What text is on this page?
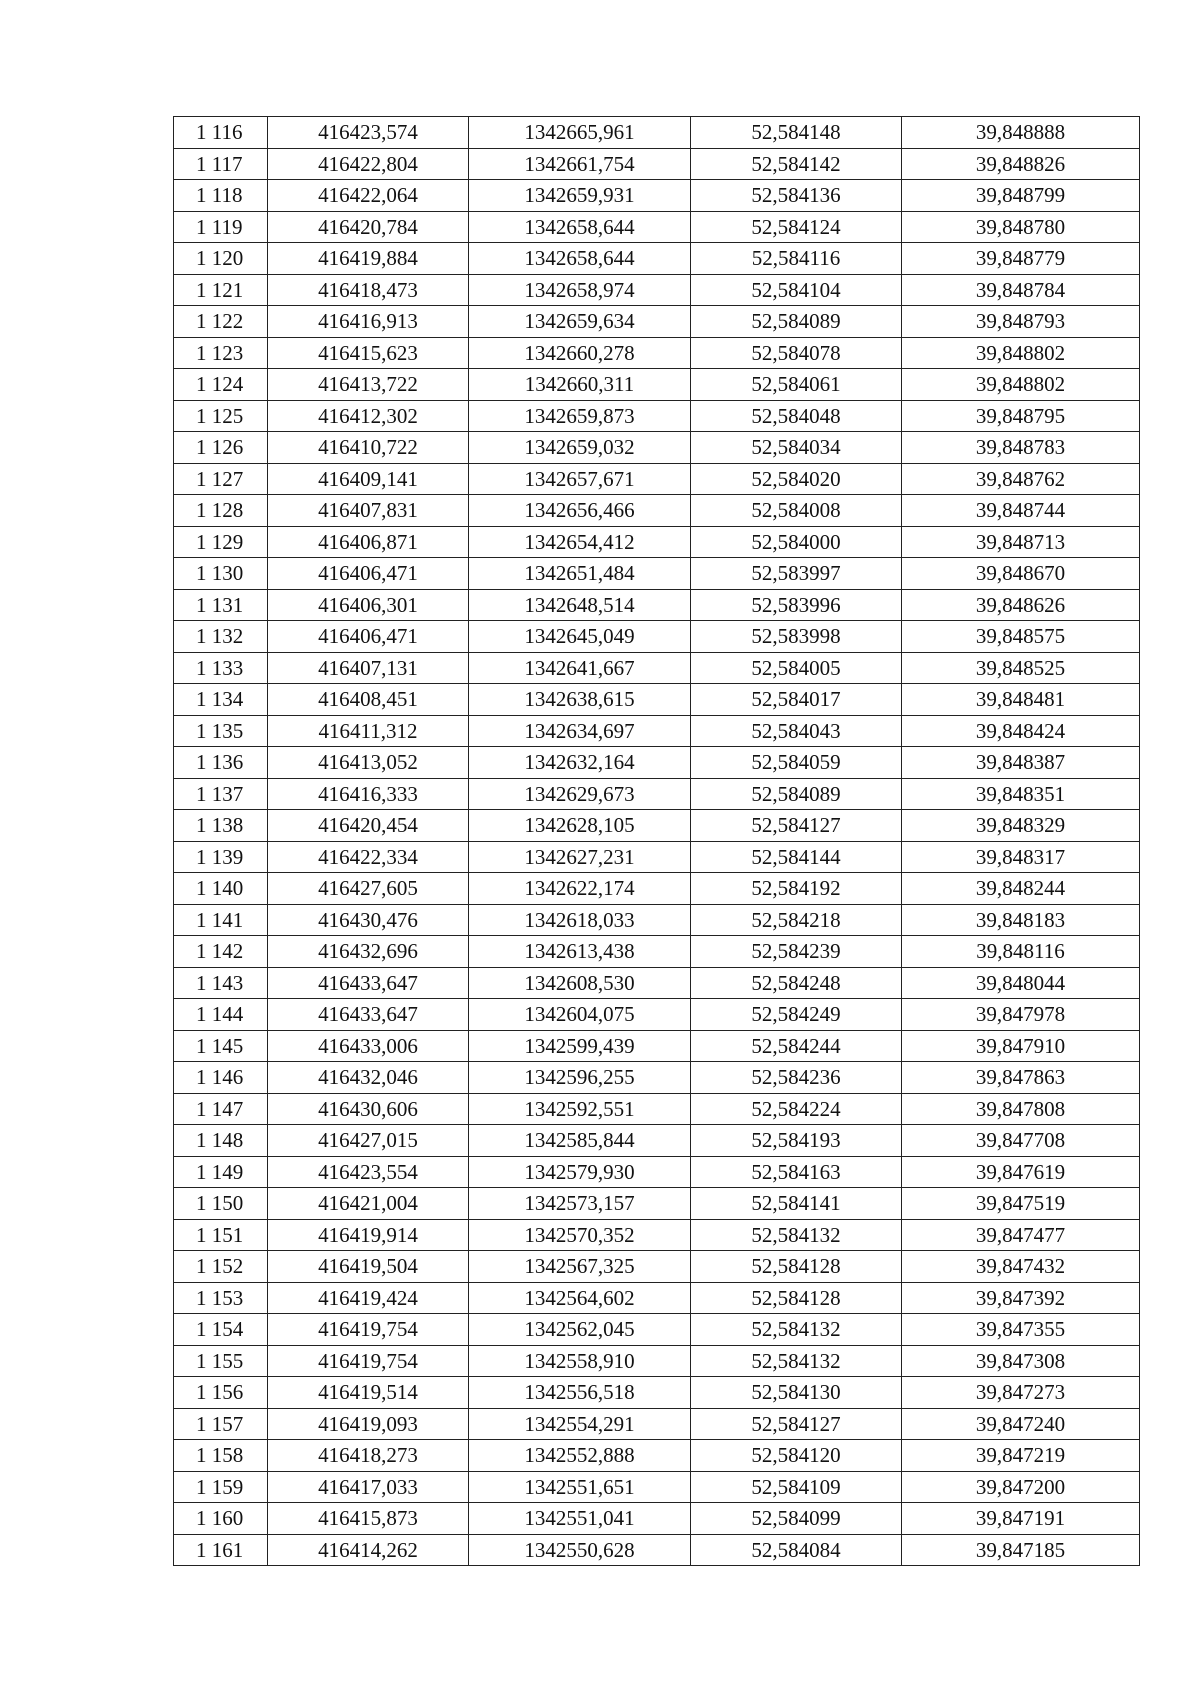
1 116	416423,574	1342665,961	52,584148	39,848888
1 117	416422,804	1342661,754	52,584142	39,848826
1 118	416422,064	1342659,931	52,584136	39,848799
1 119	416420,784	1342658,644	52,584124	39,848780
1 120	416419,884	1342658,644	52,584116	39,848779
1 121	416418,473	1342658,974	52,584104	39,848784
1 122	416416,913	1342659,634	52,584089	39,848793
1 123	416415,623	1342660,278	52,584078	39,848802
1 124	416413,722	1342660,311	52,584061	39,848802
1 125	416412,302	1342659,873	52,584048	39,848795
1 126	416410,722	1342659,032	52,584034	39,848783
1 127	416409,141	1342657,671	52,584020	39,848762
1 128	416407,831	1342656,466	52,584008	39,848744
1 129	416406,871	1342654,412	52,584000	39,848713
1 130	416406,471	1342651,484	52,583997	39,848670
1 131	416406,301	1342648,514	52,583996	39,848626
1 132	416406,471	1342645,049	52,583998	39,848575
1 133	416407,131	1342641,667	52,584005	39,848525
1 134	416408,451	1342638,615	52,584017	39,848481
1 135	416411,312	1342634,697	52,584043	39,848424
1 136	416413,052	1342632,164	52,584059	39,848387
1 137	416416,333	1342629,673	52,584089	39,848351
1 138	416420,454	1342628,105	52,584127	39,848329
1 139	416422,334	1342627,231	52,584144	39,848317
1 140	416427,605	1342622,174	52,584192	39,848244
1 141	416430,476	1342618,033	52,584218	39,848183
1 142	416432,696	1342613,438	52,584239	39,848116
1 143	416433,647	1342608,530	52,584248	39,848044
1 144	416433,647	1342604,075	52,584249	39,847978
1 145	416433,006	1342599,439	52,584244	39,847910
1 146	416432,046	1342596,255	52,584236	39,847863
1 147	416430,606	1342592,551	52,584224	39,847808
1 148	416427,015	1342585,844	52,584193	39,847708
1 149	416423,554	1342579,930	52,584163	39,847619
1 150	416421,004	1342573,157	52,584141	39,847519
1 151	416419,914	1342570,352	52,584132	39,847477
1 152	416419,504	1342567,325	52,584128	39,847432
1 153	416419,424	1342564,602	52,584128	39,847392
1 154	416419,754	1342562,045	52,584132	39,847355
1 155	416419,754	1342558,910	52,584132	39,847308
1 156	416419,514	1342556,518	52,584130	39,847273
1 157	416419,093	1342554,291	52,584127	39,847240
1 158	416418,273	1342552,888	52,584120	39,847219
1 159	416417,033	1342551,651	52,584109	39,847200
1 160	416415,873	1342551,041	52,584099	39,847191
1 161	416414,262	1342550,628	52,584084	39,847185
